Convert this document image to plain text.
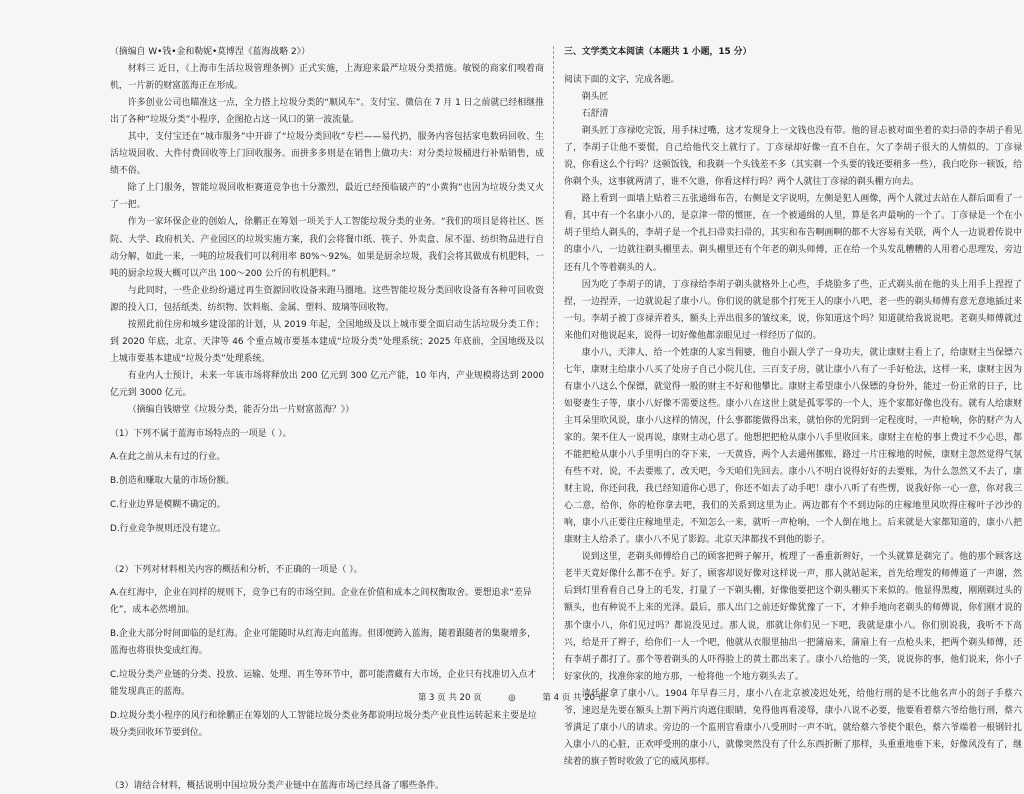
（摘编自 W•钱•金和勒妮•莫博涅《蓝海战略 2》）

材料三 近日，《上海市生活垃圾管理条例》正式实施，上海迎来最严垃圾分类措施。敏锐的商家们嗅着商机，一片新的财富蓝海正在形成。

许多创业公司也瞄准这一点，全力搭上垃圾分类的“顺风车”。支付宝、微信在 7 月 1 日之前就已经相继推出了各种“垃圾分类”小程序，企图抢占这一风口的第一波流量。

其中，支付宝还在“城市服务”中开辟了“垃圾分类回收”专栏——易代扔，服务内容包括家电数码回收、生活垃圾回收、大件付费回收等上门回收服务。而拼多多则是在销售上做功夫：对分类垃圾桶进行补贴销售，成绩不俗。

除了上门服务，智能垃圾回收柜赛道竞争也十分激烈，最近已经预临破产的“小黄狗”也因为垃圾分类又火了一把。

作为一家环保企业的创始人，徐鹏正在筹划一项关于人工智能垃圾分类的业务。“我们的项目是将社区、医院、大学、政府机关、产业园区的垃圾实施方案，我们会将餐巾纸、筷子、外卖盒、尿不湿、纺织物品进行自动分解，如此一来，一吨的垃圾我们可以利用率 80%～92%。如果是厨余垃圾，我们会将其做成有机肥料，一吨的厨余垃圾大概可以产出 100～200 公斤的有机肥料。”

与此同时，一些企业纷纷通过再生资源回收设备来跑马圈地。这些智能垃圾分类回收设备有各种可回收资源的投入口，包括纸类、纺织物、饮料瓶、金属、塑料、玻璃等回收物。

按照此前住房和城乡建设部的计划，从 2019 年起，全国地级及以上城市要全面启动生活垃圾分类工作；到 2020 年底，北京、天津等 46 个重点城市要基本建成“垃圾分类”处理系统；2025 年底前，全国地级及以上城市要基本建成“垃圾分类”处理系统。

有业内人士预计，未来一年该市场将释放出 200 亿元到 300 亿元产能，10 年内，产业规模将达到 2000 亿元到 3000 亿元。

（摘编自钱塘堂《垃圾分类，能否分出一片财富蓝海？》）

（1）下列不属于蓝海市场特点的一项是（ ）。

A.在此之前从未有过的行业。

B.创造和赚取大量的市场份额。

C.行业边界是模糊不确定的。

D.行业竞争规则还没有建立。

（2）下列对材料相关内容的概括和分析，不正确的一项是（ ）。

A.在红海中，企业在同样的规则下，竞争已有的市场空间。企业在价值和成本之间权衡取舍。要想追求“差异化”，成本必然增加。

B.企业大部分时间面临的是红海。企业可能随时从红海走向蓝海。但即便跨入蓝海，随着跟随者的集聚增多，蓝海也将很快变成红海。

C.垃圾分类产业链的分类、投放、运输、处理、再生等环节中，都可能潜藏有大市场，企业只有找准切入点才能发现真正的蓝海。

D.垃圾分类小程序的风行和徐鹏正在筹划的人工智能垃圾分类业务都说明垃圾分类产业良性运转起来主要是垃圾分类回收环节要到位。

（3）请结合材料，概括说明中国垃圾分类产业链中在蓝海市场已经具备了哪些条件。

三、文学类文本阅读（本题共 1 小题，15 分）

阅读下面的文字，完成各题。

剃头匠

石舒清

剃头匠丁彦禄吃完饭，用手抹过嘴，这才发现身上一文钱也没有带。他的冒忐被对面坐着的卖扫帚的李胡子看见了，李胡子让他不要慌，自己给他代交上就行了。丁彦禄却好像一直不自在，欠了李胡子很大的人情似的。丁彦禄说，你看这么个行吗？这顿饭钱，和我剃一个头钱差不多（其实剃一个头要的钱还要稍多一些），我白吃你一顿饭，给你剃个头，这事就两清了，谁不欠谁，你看这样行吗？两个人就往丁彦禄的剃头棚方向去。

路上看到一面墙上贴着三五张通缉布告，右侧是文字说明，左侧是犯人画像，两个人就过去站在人群后面看了一看，其中有一个名康小八的，是京津一带的惯匪，在一个被通缉的人里，算是名声最响的一个了。丁彦禄是一个在小胡子里给人剃头的，李胡子是一个扎扫帚卖扫帚的，其实和布告啊画啊的都不大容易有关联，两个人一边说着传说中的康小八，一边就往剃头棚里去。剃头棚里还有个年老的剃头师傅，正在给一个头发乱糟糟的人用着心思理发，旁边还有几个等着剃头的人。

因为吃了李胡子的请，丁彦禄给李胡子剃头就格外上心些，手烧脸多了些，正式剃头前在他的头上用手上捏捏了捏，一边捏弄，一边就说起了康小八。你们说的就是那个打死王人的康小八吧，老一些的剃头师傅有意无意地插过来一句。李胡子被丁彦禄弄着头，额头上弄出很多的皱纹来，说，你知道这个吗？知道就给我说说吧。老剃头师傅就过来他们对他说起来，说得一切好像他都亲眼见过一样经历了似的。

康小八，天津人，给一个姓康的人家当佣婆，他自小跟人学了一身功夫，就让康财主看上了，给康财主当保镖六七年，康财主给康小八买了处房子自己小院儿住，三百支子房，就让康小八有了一手好枪法，这样一来，康财主因为有康小八这么个保镖，就觉得一般的财主不好和他攀比。康财主希望康小八保镖的身份外，能过一份正常的日子，比如娶妻生子等，康小八好像不需要这些。康小八在这世上就是孤零零的一个人，连个家都好像也没有。就有人给康财主耳朵里吹风说，康小八这样的情况，什么事都能做得出来，就怕你的光阴到一定程度时，一声枪响，你的财产为人家的。架不住人一说再说，康财主动心思了。他想把把枪从康小八手里收回来。康财主在枪的事上费过不少心思，都不能把枪从康小八手里明白的夺下来，一天黄昏，两个人去通州挪账，路过一片庄稼地的时候，康财主忽然觉得气氛有些不对，说，不去要账了，改天吧，今天咱们先回去。康小八不明白说得好好的去要账，为什么忽然又不去了，康财主说，你还问我，我已经知道你心思了，你还不如去了动手吧！康小八听了有些愣，说我好你一心一意，你对我三心二意，给你，你的枪你拿去吧，我们的关系到这里为止。两边都有个不到边际的庄稼地里风吹得庄稼叶子沙沙的响，康小八正要往庄稼地里走，不知怎么一来，就听一声枪响，一个人倒在地上。后来就是大家都知道的，康小八把康财主人给杀了。康小八不见了影踪。北京天津都找不到他的影子。

说到这里，老剃头师傅给自己的顾客把辫子解开，梳理了一番重新辫好，一个头就算是剃完了。他的那个顾客这老半天竟好像什么都不在乎。好了，顾客却说好像对这样说一声，那人就站起来，首先给理发的师傅道了一声谢，然后到灯里看看自己身上的毛发，打量了一下剃头棚，好像他要把这个剃头棚买下来似的。他显得黑瘦，刚刚剃过头的额头，也有种说不上来的光泽。最后，那人出门之前还好像犹豫了一下，才伸手地向老剃头的师傅说，你们刚才说的那个康小八，你们见过吗？都说没见过。那人说，那就让你们见一下吧，我就是康小八。你们别说我，我听不下高兴，给是开了辫子，给你们一人一个吧，他就从衣服里抽出一把蒲扇来，蒲扇上有一点枪头来，把两个剃头师傅，还有李胡子都打了。那个等着剃头的人吓得脸上的黄土都出来了。康小八给他的一笑，说说你的事，他们说来，你小子好家伙的，找准你家的地方那，一枪将他一个地方剃头去了。

清廷捉拿了康小八。1904 年早春三月，康小八在北京被凌迟处死，给他行刑的是不比他名声小的刽子手蔡六爷，速迟是先要在额头上割下两片肉遮住眼睛，免得他再看凌辱，康小八说不必要，他要看着蔡六爷给他行刑，蔡六爷满足了康小八的请求。旁边的一个监刑官看康小八受刑时一声不吭，就给蔡六爷使个眼色，蔡六爷端着一根钢针扎入康小八的心脏，正欢呼受刑的康小八，就像突然没有了什么东西折断了那样，头重重地垂下来，好像风没有了，继续着的旗子暂时收敛了它的威风那样。

第 3 页 共 20 页	◎	第 4 页 共 20 页
